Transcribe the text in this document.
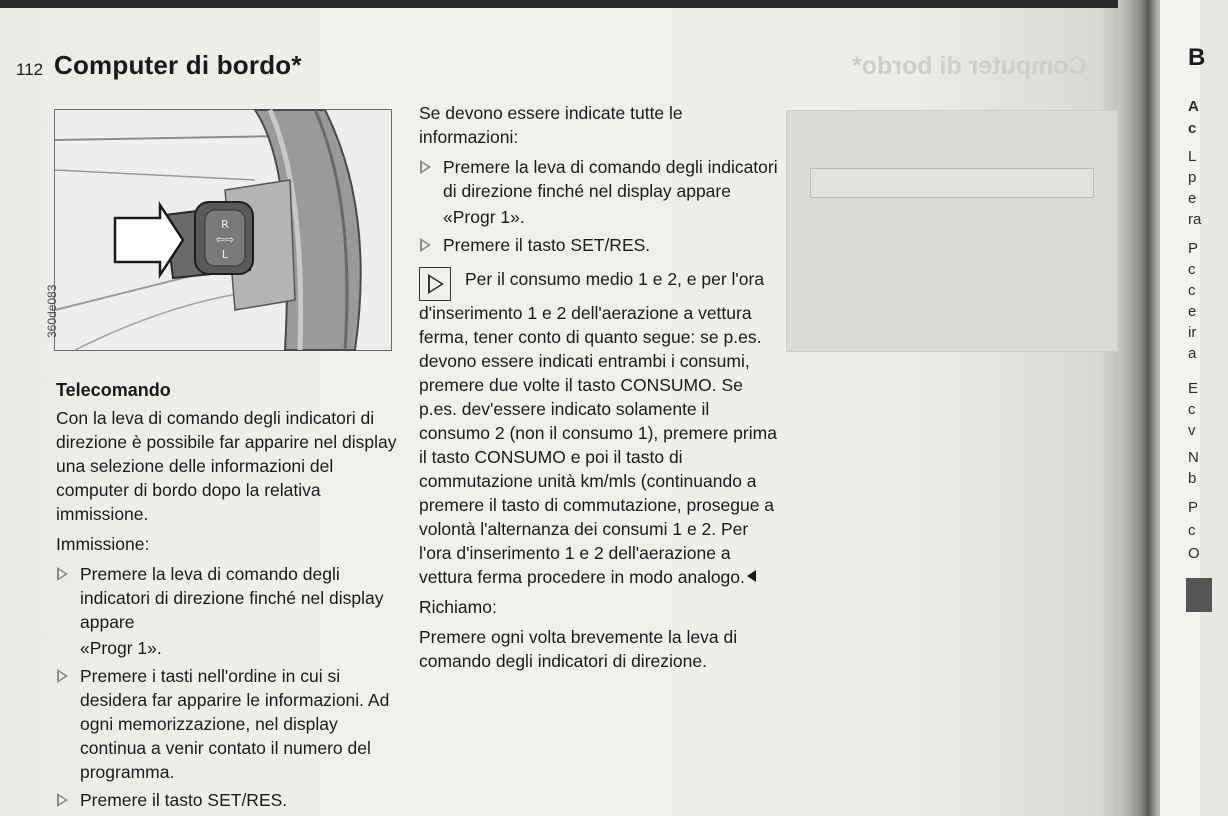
Computer di bordo*
112 Computer di bordo*
R
⇦⇨
L
360de083
Telecomando

Con la leva di comando degli indicatori di direzione è possibile far apparire nel display una selezione delle informazioni del computer di bordo dopo la relativa immissione.

Immissione:

Premere la leva di comando degli indicatori di direzione finché nel display appare
«Progr 1».
Premere i tasti nell'ordine in cui si desidera far apparire le informazioni. Ad ogni memorizzazione, nel display continua a venir contato il numero del programma.
Premere il tasto SET/RES.

Se devono essere indicate tutte le informazioni:

Premere la leva di comando degli indicatori di direzione finché nel display appare
«Progr 1».
Premere il tasto SET/RES.

Per il consumo medio 1 e 2, e per l'ora d'inserimento 1 e 2 dell'aerazione a vettura ferma, tener conto di quanto segue: se p.es. devono essere indicati entrambi i consumi, premere due volte il tasto CONSUMO. Se p.es. dev'essere indicato solamente il consumo 2 (non il consumo 1), premere prima il tasto CONSUMO e poi il tasto di commutazione unità km/mls (continuando a premere il tasto di commutazione, prosegue a volontà l'alternanza dei consumi 1 e 2. Per l'ora d'inserimento 1 e 2 dell'aerazione a vettura ferma procedere in modo analogo.

Richiamo:

Premere ogni volta brevemente la leva di comando degli indicatori di direzione.

B
A
c
L
p
e
ra
P
c
c
e
ir
a
E
c
v
N
b
P
c
O
